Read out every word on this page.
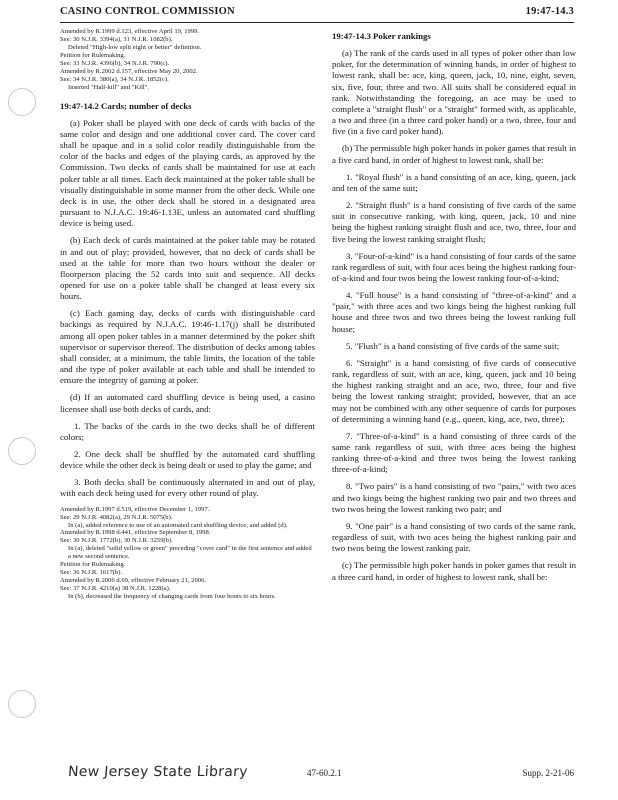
CASINO CONTROL COMMISSION	19:47-14.3
Amended by R.1999 d.123, effective April 19, 1999.
See: 30 N.J.R. 3394(a), 31 N.J.R. 1082(b).
Deleted "High-low split eight or better" definition.
Petition for Rulemaking.
See: 33 N.J.R. 4396(b), 34 N.J.R. 790(c).
Amended by R.2002 d.157, effective May 20, 2002.
See: 34 N.J.R. 380(a), 34 N.J.R. 1852(c).
Inserted "Half-kill" and "Kill".
19:47-14.2 Cards; number of decks

(a) Poker shall be played with one deck of cards with backs of the same color and design and one additional cover card. The cover card shall be opaque and in a solid color readily distinguishable from the color of the backs and edges of the playing cards, as approved by the Commission. Two decks of cards shall be maintained for use at each poker table at all times. Each deck maintained at the poker table shall be visually distinguishable in some manner from the other deck. While one deck is in use, the other deck shall be stored in a designated area pursuant to N.J.A.C. 19:46-1.13E, unless an automated card shuffling device is being used.

(b) Each deck of cards maintained at the poker table may be rotated in and out of play; provided, however, that no deck of cards shall be used at the table for more than two hours without the dealer or floorperson placing the 52 cards into suit and sequence. All decks opened for use on a poker table shall be changed at least every six hours.

(c) Each gaming day, decks of cards with distinguishable card backings as required by N.J.A.C. 19:46-1.17(j) shall be distributed among all open poker tables in a manner determined by the poker shift supervisor or supervisor thereof. The distribution of decks among tables shall consider, at a minimum, the table limits, the location of the table and the type of poker available at each table and shall be intended to ensure the integrity of gaming at poker.

(d) If an automated card shuffling device is being used, a casino licensee shall use both decks of cards, and:

1. The backs of the cards in the two decks shall be of different colors;

2. One deck shall be shuffled by the automated card shuffling device while the other deck is being dealt or used to play the game; and

3. Both decks shall be continuously alternated in and out of play, with each deck being used for every other round of play.

Amended by R.1997 d.519, effective December 1, 1997.
See: 29 N.J.R. 4082(a), 29 N.J.R. 5075(b).
In (a), added reference to use of an automated card shuffling device; and added (d).
Amended by R.1998 d.441, effective September 8, 1998.
See: 30 N.J.R. 1772(b), 30 N.J.R. 3259(b).
In (a), deleted "solid yellow or green" preceding "cover card" in the first sentence and added a new second sentence.
Petition for Rulemaking.
See: 36 N.J.R. 1617(b).
Amended by R.2006 d.69, effective February 21, 2006.
See: 37 N.J.R. 4210(a) 38 N.J.R. 1228(a).
In (b), decreased the frequency of changing cards from four hours to six hours.
19:47-14.3 Poker rankings

(a) The rank of the cards used in all types of poker other than low poker, for the determination of winning hands, in order of highest to lowest rank, shall be: ace, king, queen, jack, 10, nine, eight, seven, six, five, four, three and two. All suits shall be considered equal in rank. Notwithstanding the foregoing, an ace may be used to complete a "straight flush" or a "straight" formed with, as applicable, a two and three (in a three card poker hand) or a two, three, four and five (in a five card poker hand).

(b) The permissible high poker hands in poker games that result in a five card hand, in order of highest to lowest rank, shall be:

1. "Royal flush" is a hand consisting of an ace, king, queen, jack and ten of the same suit;

2. "Straight flush" is a hand consisting of five cards of the same suit in consecutive ranking, with king, queen, jack, 10 and nine being the highest ranking straight flush and ace, two, three, four and five being the lowest ranking straight flush;

3. "Four-of-a-kind" is a hand consisting of four cards of the same rank regardless of suit, with four aces being the highest ranking four-of-a-kind and four twos being the lowest ranking four-of-a-kind;

4. "Full house" is a hand consisting of "three-of-a-kind" and a "pair," with three aces and two kings being the highest ranking full house and three twos and two threes being the lowest ranking full house;

5. "Flush" is a hand consisting of five cards of the same suit;

6. "Straight" is a hand consisting of five cards of consecutive rank, regardless of suit, with an ace, king, queen, jack and 10 being the highest ranking straight and an ace, two, three, four and five being the lowest ranking straight; provided, however, that an ace may not be combined with any other sequence of cards for purposes of determining a winning hand (e.g., queen, king, ace, two, three);

7. "Three-of-a-kind" is a hand consisting of three cards of the same rank regardless of suit, with three aces being the highest ranking three-of-a-kind and three twos being the lowest ranking three-of-a-kind;

8. "Two pairs" is a hand consisting of two "pairs," with two aces and two kings being the highest ranking two pair and two threes and two twos being the lowest ranking two pair; and

9. "One pair" is a hand consisting of two cards of the same rank, regardless of suit, with two aces being the highest ranking pair and two twos being the lowest ranking pair.

(c) The permissible high poker hands in poker games that result in a three card hand, in order of highest to lowest rank, shall be:

New Jersey State Library	47-60.2.1	Supp. 2-21-06
